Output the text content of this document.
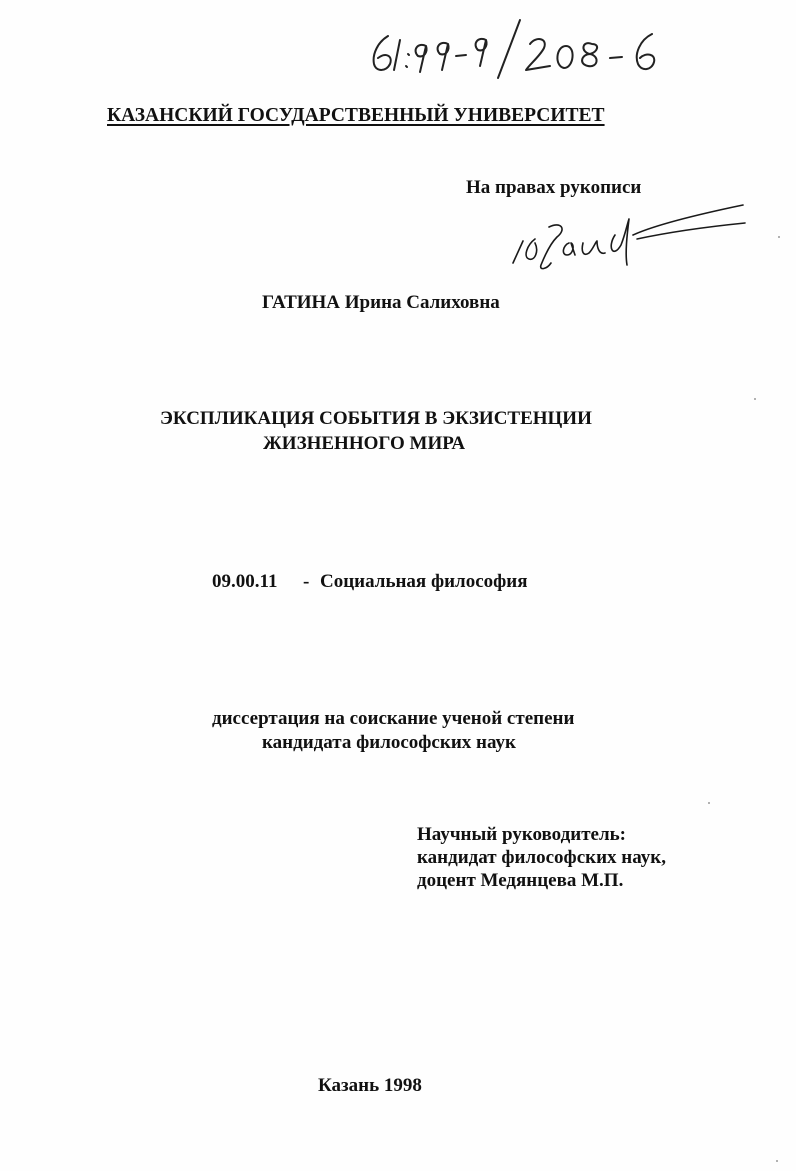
КАЗАНСКИЙ ГОСУДАРСТВЕННЫЙ УНИВЕРСИТЕТ
На правах рукописи
ГАТИНА Ирина Салиховна
ЭКСПЛИКАЦИЯ СОБЫТИЯ В ЭКЗИСТЕНЦИИ
ЖИЗНЕННОГО МИРА
09.00.11 - Социальная философия
диссертация на соискание ученой степени
кандидата философских наук
Научный руководитель:
кандидат философских наук,
доцент Медянцева М.П.
Казань 1998
